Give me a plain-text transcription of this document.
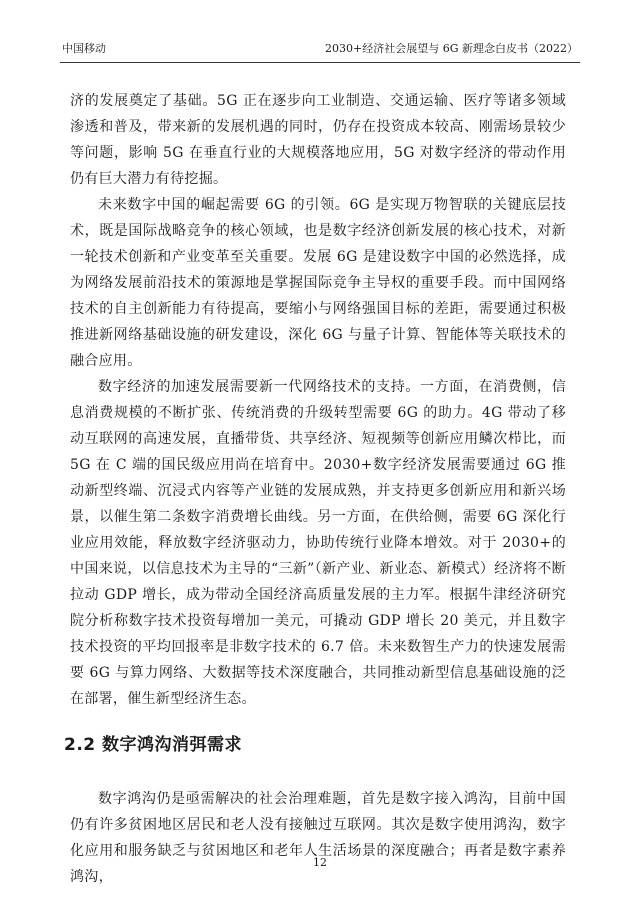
中国移动	2030+经济社会展望与 6G 新理念白皮书（2022）

济的发展奠定了基础。5G 正在逐步向工业制造、交通运输、医疗等诸多领域渗透和普及，带来新的发展机遇的同时，仍存在投资成本较高、刚需场景较少等问题，影响 5G 在垂直行业的大规模落地应用，5G 对数字经济的带动作用仍有巨大潜力有待挖掘。

未来数字中国的崛起需要 6G 的引领。6G 是实现万物智联的关键底层技术，既是国际战略竞争的核心领域，也是数字经济创新发展的核心技术，对新一轮技术创新和产业变革至关重要。发展 6G 是建设数字中国的必然选择，成为网络发展前沿技术的策源地是掌握国际竞争主导权的重要手段。而中国网络技术的自主创新能力有待提高，要缩小与网络强国目标的差距，需要通过积极推进新网络基础设施的研发建设，深化 6G 与量子计算、智能体等关联技术的融合应用。

数字经济的加速发展需要新一代网络技术的支持。一方面，在消费侧，信息消费规模的不断扩张、传统消费的升级转型需要 6G 的助力。4G 带动了移动互联网的高速发展，直播带货、共享经济、短视频等创新应用鳞次栉比，而 5G 在 C 端的国民级应用尚在培育中。2030+数字经济发展需要通过 6G 推动新型终端、沉浸式内容等产业链的发展成熟，并支持更多创新应用和新兴场景，以催生第二条数字消费增长曲线。另一方面，在供给侧，需要 6G 深化行业应用效能，释放数字经济驱动力，协助传统行业降本增效。对于 2030+的中国来说，以信息技术为主导的“三新”（新产业、新业态、新模式）经济将不断拉动 GDP 增长，成为带动全国经济高质量发展的主力军。根据牛津经济研究院分析称数字技术投资每增加一美元，可撬动 GDP 增长 20 美元，并且数字技术投资的平均回报率是非数字技术的 6.7 倍。未来数智生产力的快速发展需要 6G 与算力网络、大数据等技术深度融合，共同推动新型信息基础设施的泛在部署，催生新型经济生态。

2.2 数字鸿沟消弭需求

数字鸿沟仍是亟需解决的社会治理难题，首先是数字接入鸿沟，目前中国仍有许多贫困地区居民和老人没有接触过互联网。其次是数字使用鸿沟，数字化应用和服务缺乏与贫困地区和老年人生活场景的深度融合；再者是数字素养鸿沟，

12
